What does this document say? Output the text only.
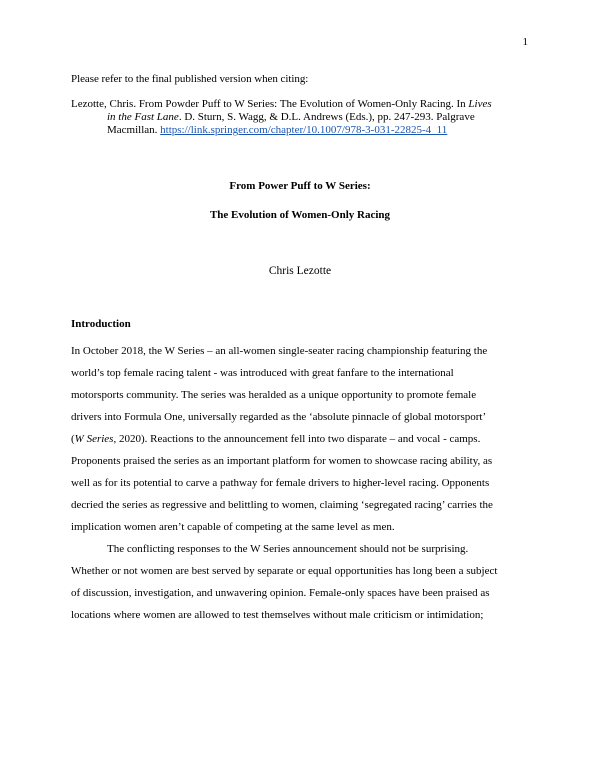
1
Please refer to the final published version when citing:
Lezotte, Chris. From Powder Puff to W Series: The Evolution of Women-Only Racing. In Lives
in the Fast Lane. D. Sturn, S. Wagg, & D.L. Andrews (Eds.), pp. 247-293. Palgrave
Macmillan. https://link.springer.com/chapter/10.1007/978-3-031-22825-4_11
From Power Puff to W Series:
The Evolution of Women-Only Racing
Chris Lezotte
Introduction
In October 2018, the W Series – an all-women single-seater racing championship featuring the
world’s top female racing talent - was introduced with great fanfare to the international
motorsports community. The series was heralded as a unique opportunity to promote female
drivers into Formula One, universally regarded as the ‘absolute pinnacle of global motorsport’
(W Series, 2020). Reactions to the announcement fell into two disparate – and vocal - camps.
Proponents praised the series as an important platform for women to showcase racing ability, as
well as for its potential to carve a pathway for female drivers to higher-level racing. Opponents
decried the series as regressive and belittling to women, claiming ‘segregated racing’ carries the
implication women aren’t capable of competing at the same level as men.
The conflicting responses to the W Series announcement should not be surprising.
Whether or not women are best served by separate or equal opportunities has long been a subject
of discussion, investigation, and unwavering opinion. Female-only spaces have been praised as
locations where women are allowed to test themselves without male criticism or intimidation;
